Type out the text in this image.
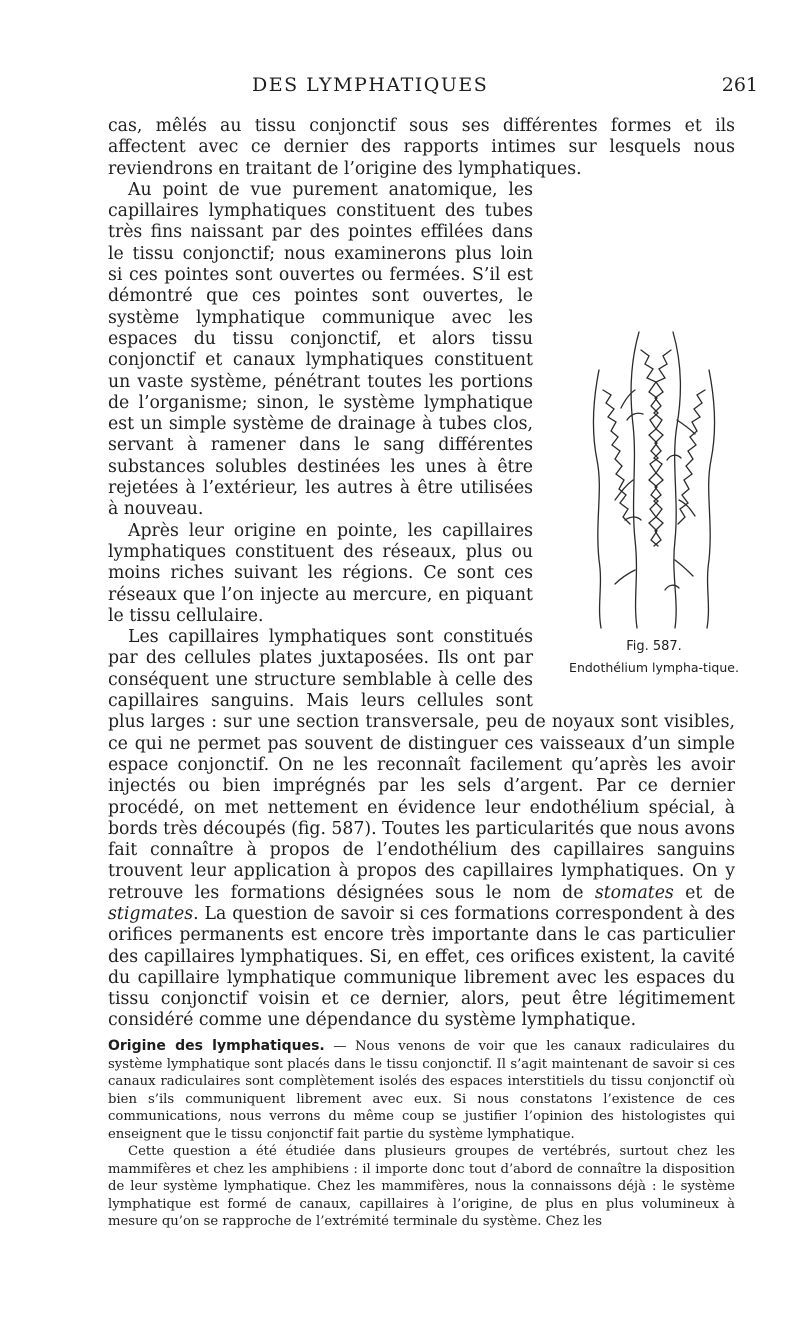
DES LYMPHATIQUES	261

cas, mêlés au tissu conjonctif sous ses différentes formes et ils affectent avec ce dernier des rapports intimes sur lesquels nous reviendrons en traitant de l’origine des lymphatiques.

Fig. 587.
Endothélium lympha-tique.
Au point de vue purement anatomique, les capillaires lymphatiques constituent des tubes très fins naissant par des pointes effilées dans le tissu conjonctif; nous examinerons plus loin si ces pointes sont ouvertes ou fermées. S’il est démontré que ces pointes sont ouvertes, le système lymphatique communique avec les espaces du tissu conjonctif, et alors tissu conjonctif et canaux lymphatiques constituent un vaste système, pénétrant toutes les portions de l’organisme; sinon, le système lymphatique est un simple système de drainage à tubes clos, servant à ramener dans le sang différentes substances solubles destinées les unes à être rejetées à l’extérieur, les autres à être utilisées à nouveau.

Après leur origine en pointe, les capillaires lymphatiques constituent des réseaux, plus ou moins riches suivant les régions. Ce sont ces réseaux que l’on injecte au mercure, en piquant le tissu cellulaire.

Les capillaires lymphatiques sont constitués par des cellules plates juxtaposées. Ils ont par conséquent une structure semblable à celle des capillaires sanguins. Mais leurs cellules sont plus larges : sur une section transversale, peu de noyaux sont visibles, ce qui ne permet pas souvent de distinguer ces vaisseaux d’un simple espace conjonctif. On ne les reconnaît facilement qu’après les avoir injectés ou bien imprégnés par les sels d’argent. Par ce dernier procédé, on met nettement en évidence leur endothélium spécial, à bords très découpés (fig. 587). Toutes les particularités que nous avons fait connaître à propos de l’endothélium des capillaires sanguins trouvent leur application à propos des capillaires lymphatiques. On y retrouve les formations désignées sous le nom de stomates et de stigmates. La question de savoir si ces formations correspondent à des orifices permanents est encore très importante dans le cas particulier des capillaires lymphatiques. Si, en effet, ces orifices existent, la cavité du capillaire lymphatique communique librement avec les espaces du tissu conjonctif voisin et ce dernier, alors, peut être légitimement considéré comme une dépendance du système lymphatique.

Origine des lymphatiques. — Nous venons de voir que les canaux radiculaires du système lymphatique sont placés dans le tissu conjonctif. Il s’agit maintenant de savoir si ces canaux radiculaires sont complètement isolés des espaces interstitiels du tissu conjonctif où bien s’ils communiquent librement avec eux. Si nous constatons l’existence de ces communications, nous verrons du même coup se justifier l’opinion des histologistes qui enseignent que le tissu conjonctif fait partie du système lymphatique.

Cette question a été étudiée dans plusieurs groupes de vertébrés, surtout chez les mammifères et chez les amphibiens : il importe donc tout d’abord de connaître la disposition de leur système lymphatique. Chez les mammifères, nous la connaissons déjà : le système lymphatique est formé de canaux, capillaires à l’origine, de plus en plus volumineux à mesure qu’on se rapproche de l’extrémité terminale du système. Chez les
